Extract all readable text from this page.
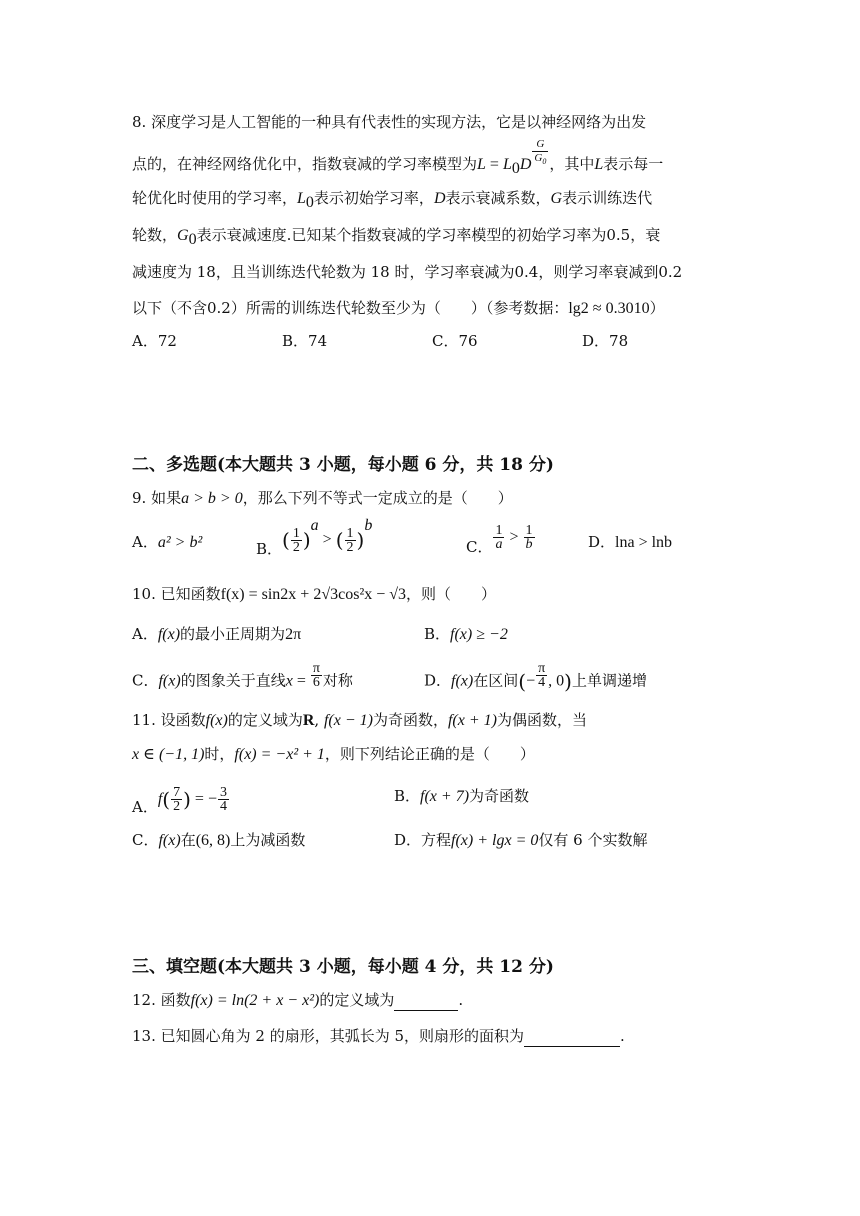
8. 深度学习是人工智能的一种具有代表性的实现方法，它是以神经网络为出发
点的，在神经网络优化中，指数衰减的学习率模型为$L = L_0D \frac{G}{G_0}$ ，其中L表示每一
轮优化时使用的学习率，$L_0$表示初始学习率，D表示衰减系数，G表示训练迭代
轮数，$G_0$表示衰减速度.已知某个指数衰减的学习率模型的初始学习率为0.5，衰
减速度为 18，且当训练迭代轮数为 18 时，学习率衰减为0.4，则学习率衰减到0.2
以下（不含0.2）所需的训练迭代轮数至少为（　　）（参考数据：lg2 ≈ 0.3010）
A．72	B．74	C．76	D．78
二、多选题(本大题共 3 小题，每小题 6 分，共 18 分)
9. 如果a > b > 0，那么下列不等式一定成立的是（　　）
A．a² > b²	B．( $\frac{1}{2} )^a$ > ( $\frac{1}{2} )^b$
C． $\frac{1}{a} > \frac{1}{b}$	D．lna > lnb
10. 已知函数f(x) = sin2x + 2√3cos²x − √3，则（　　）
A．f(x)的最小正周期为2π	B．f(x) ≥ −2
C．f(x)的图象关于直线$x = \frac{\pi}{6}$ 对称	D．f(x)在区间(− $\frac{\pi}{4}$ , 0)上单调递增
11. 设函数f(x)的定义域为R, f(x − 1)为奇函数，f(x + 1)为偶函数，当
x ∈ (−1, 1)时，f(x) = −x² + 1，则下列结论正确的是（　　）
A．$f( \frac{7}{2}$ ) = − $\frac{3}{4}$	B．f(x + 7)为奇函数
C．f(x)在(6, 8)上为减函数	D．方程f(x) + lgx = 0仅有 6 个实数解
三、填空题(本大题共 3 小题，每小题 4 分，共 12 分)
12. 函数f(x) = ln(2 + x − x²)的定义域为	.
13. 已知圆心角为 2 的扇形，其弧长为 5，则扇形的面积为	.
